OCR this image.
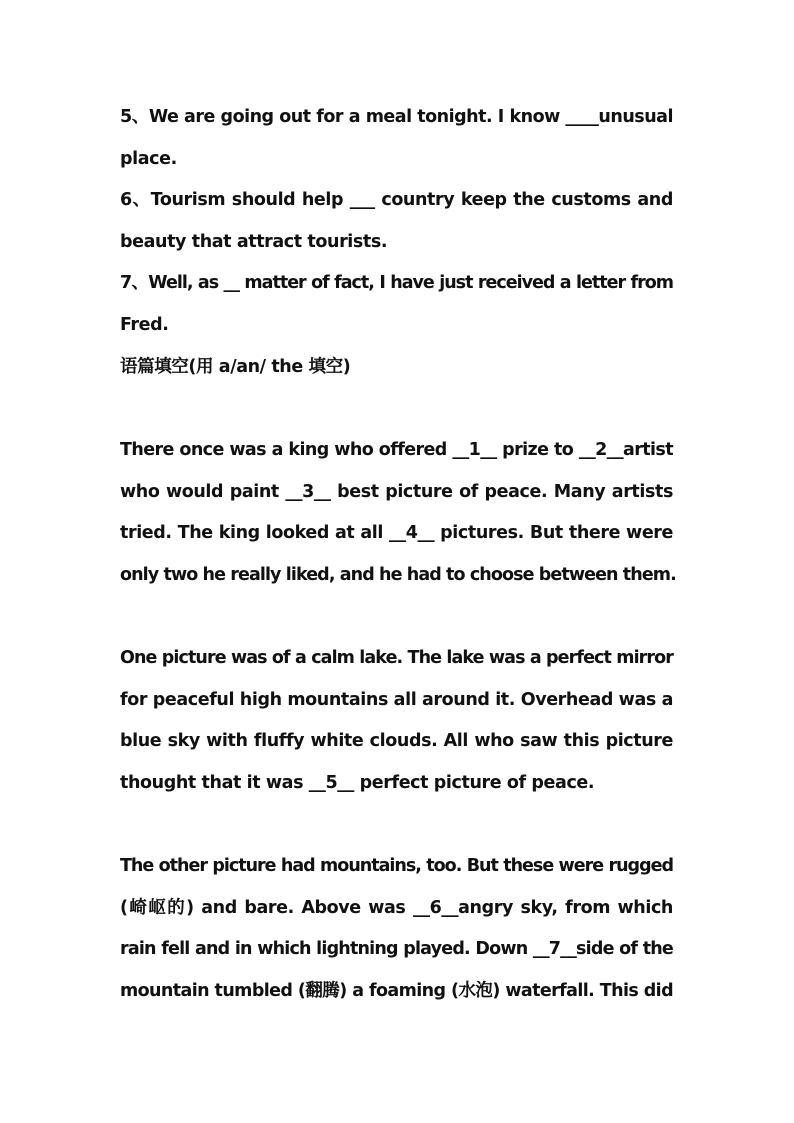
5、We are going out for a meal tonight. I know ____unusual
place.
6、Tourism should help ___ country keep the customs and
beauty that attract tourists.
7、Well, as __ matter of fact, I have just received a letter from
Fred.
语篇填空(用 a/an/ the 填空)
There once was a king who offered __1__ prize to __2__artist
who would paint __3__ best picture of peace. Many artists
tried. The king looked at all __4__ pictures. But there were
only two he really liked, and he had to choose between them.
One picture was of a calm lake. The lake was a perfect mirror
for peaceful high mountains all around it. Overhead was a
blue sky with fluffy white clouds. All who saw this picture
thought that it was __5__ perfect picture of peace.
The other picture had mountains, too. But these were rugged
(崎岖的) and bare. Above was __6__angry sky, from which
rain fell and in which lightning played. Down __7__side of the
mountain tumbled (翻腾) a foaming (水泡) waterfall. This did
